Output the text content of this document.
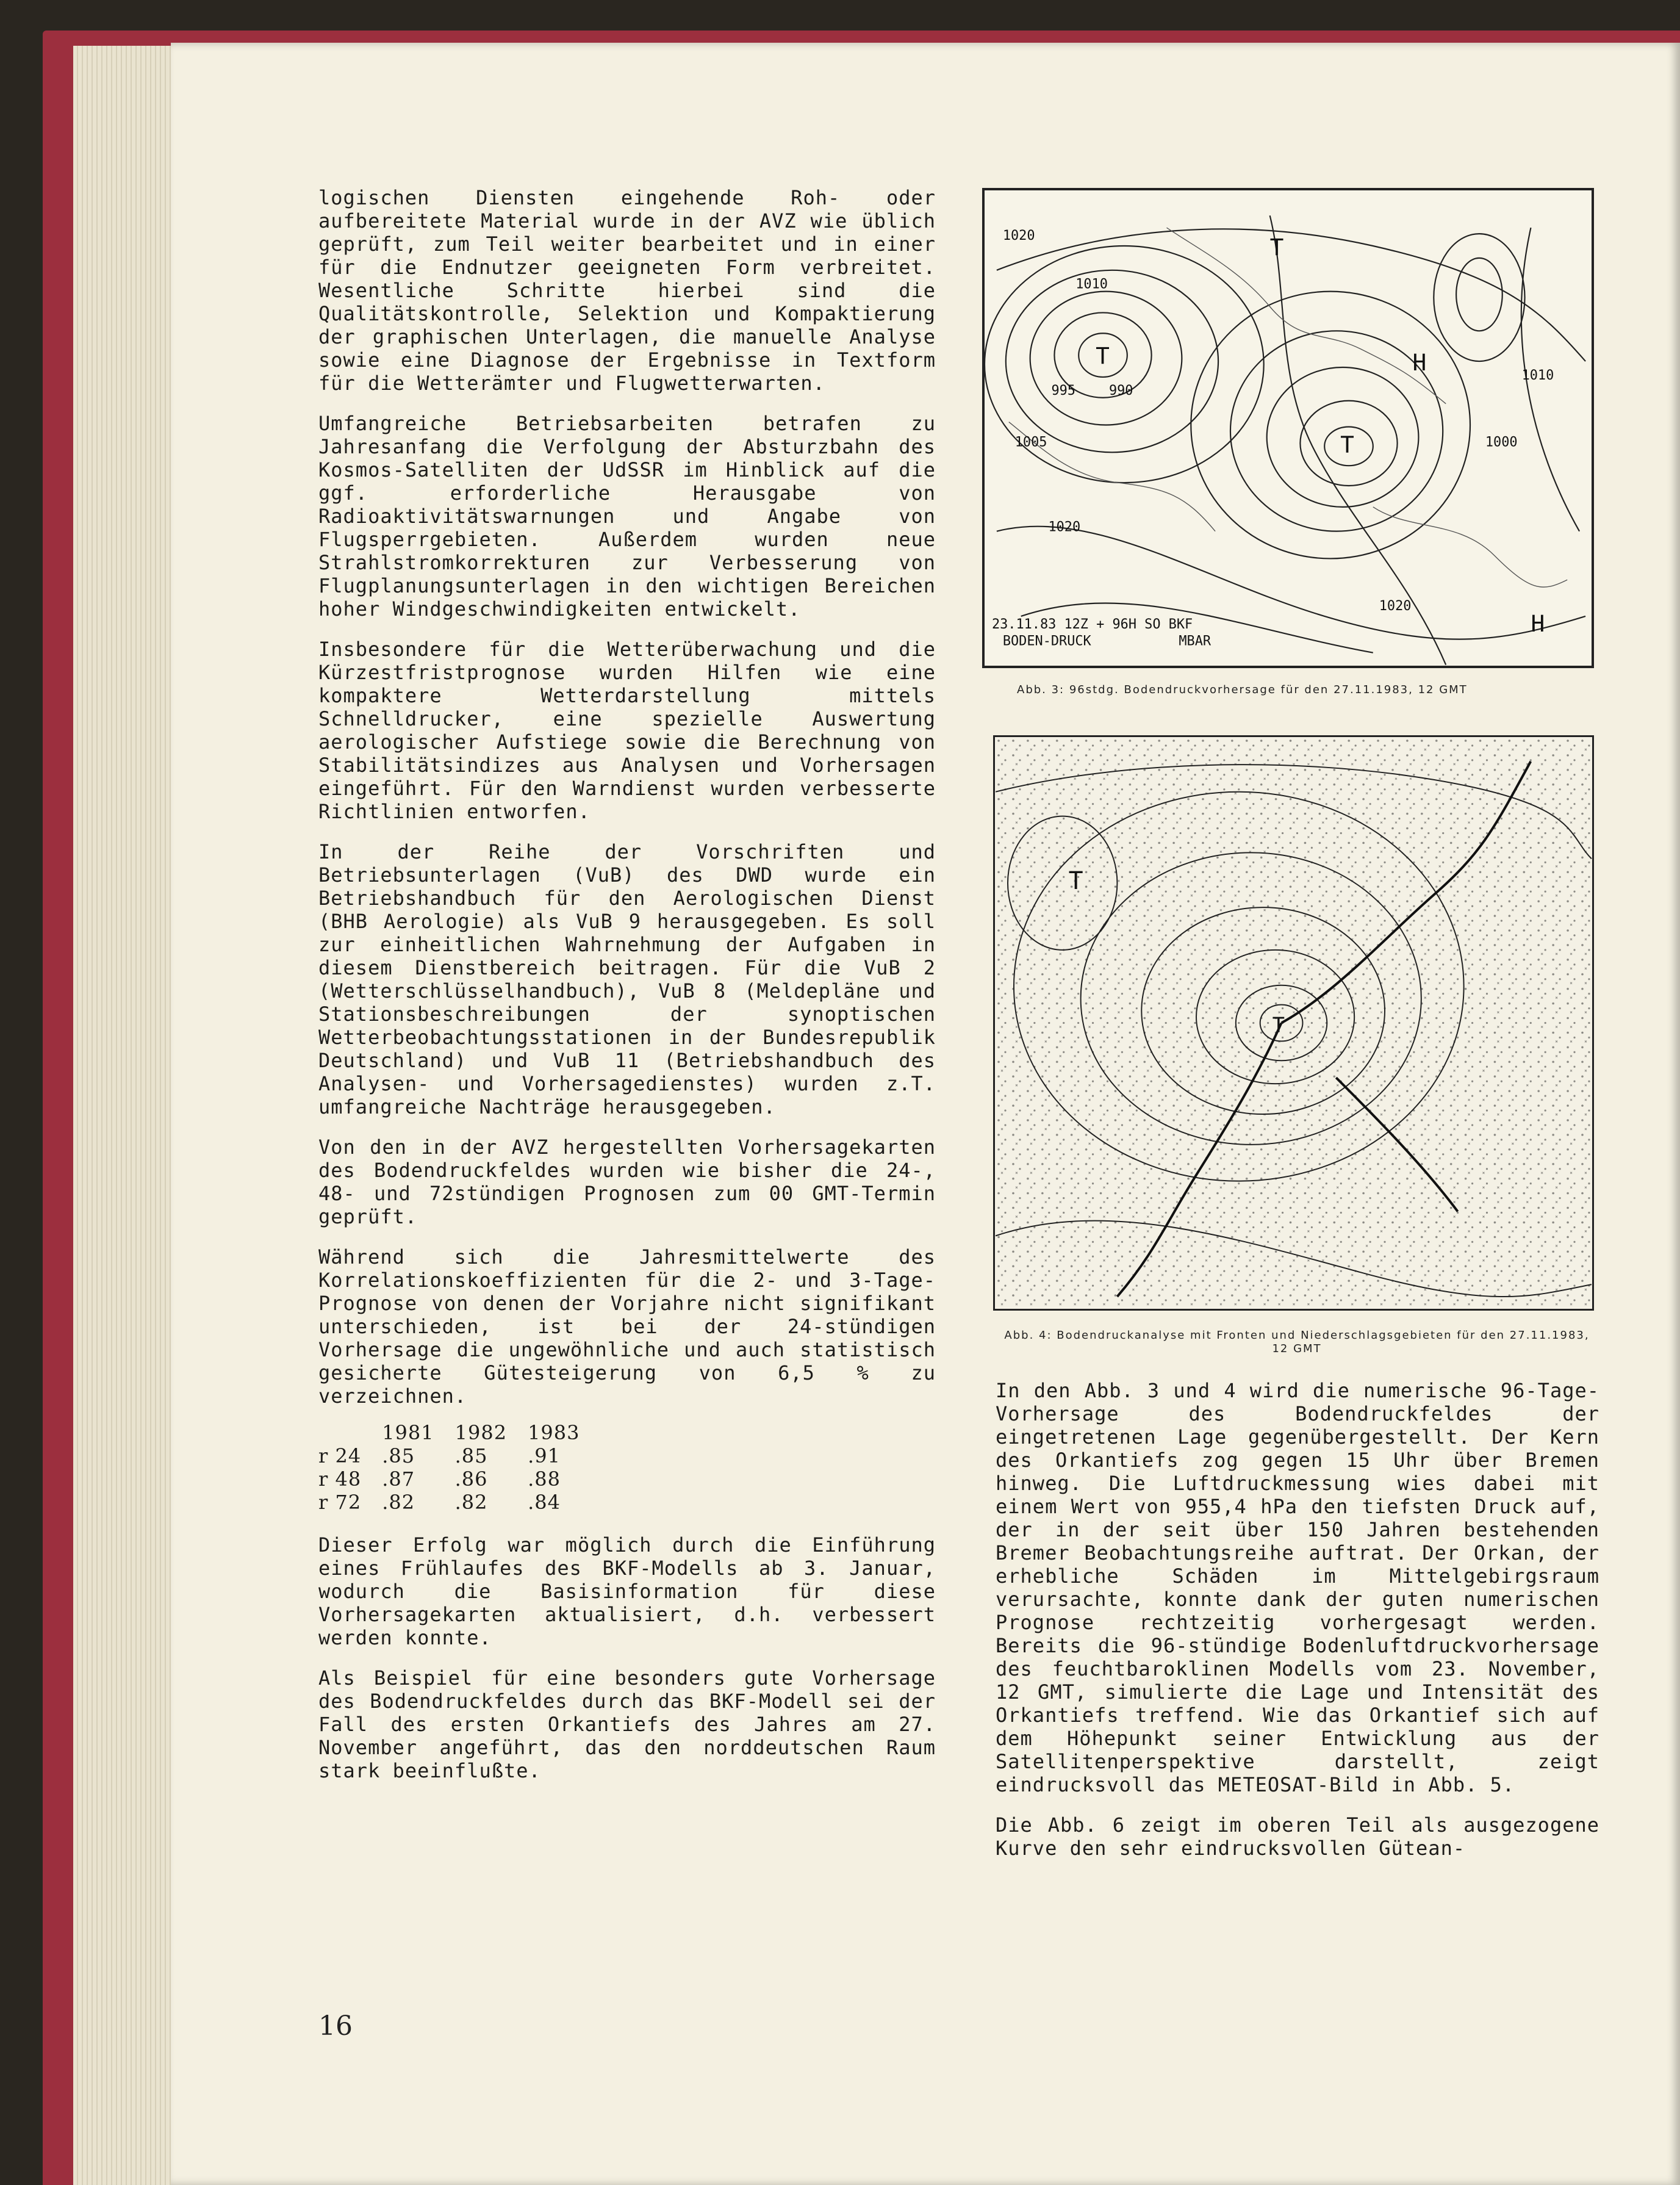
logischen Diensten eingehende Roh- oder aufbereitete Material wurde in der AVZ wie üblich geprüft, zum Teil weiter bearbeitet und in einer für die Endnutzer geeigneten Form verbreitet. Wesentliche Schritte hierbei sind die Qualitätskontrolle, Selektion und Kompaktierung der graphischen Unterlagen, die manuelle Analyse sowie eine Diagnose der Ergebnisse in Textform für die Wetterämter und Flugwetterwarten.

Umfangreiche Betriebsarbeiten betrafen zu Jahresanfang die Verfolgung der Absturzbahn des Kosmos-Satelliten der UdSSR im Hinblick auf die ggf. erforderliche Herausgabe von Radioaktivitätswarnungen und Angabe von Flugsperrgebieten. Außerdem wurden neue Strahlstromkorrekturen zur Verbesserung von Flugplanungsunterlagen in den wichtigen Bereichen hoher Windgeschwindigkeiten entwickelt.

Insbesondere für die Wetterüberwachung und die Kürzestfristprognose wurden Hilfen wie eine kompaktere Wetterdarstellung mittels Schnelldrucker, eine spezielle Auswertung aerologischer Aufstiege sowie die Berechnung von Stabilitätsindizes aus Analysen und Vorhersagen eingeführt. Für den Warndienst wurden verbesserte Richtlinien entworfen.

In der Reihe der Vorschriften und Betriebsunterlagen (VuB) des DWD wurde ein Betriebshandbuch für den Aerologischen Dienst (BHB Aerologie) als VuB 9 herausgegeben. Es soll zur einheitlichen Wahrnehmung der Aufgaben in diesem Dienstbereich beitragen. Für die VuB 2 (Wetterschlüsselhandbuch), VuB 8 (Meldepläne und Stationsbeschreibungen der synoptischen Wetterbeobachtungsstationen in der Bundesrepublik Deutschland) und VuB 11 (Betriebshandbuch des Analysen- und Vorhersagedienstes) wurden z.T. umfangreiche Nachträge herausgegeben.

Von den in der AVZ hergestellten Vorhersagekarten des Bodendruckfeldes wurden wie bisher die 24-, 48- und 72stündigen Prognosen zum 00 GMT-Termin geprüft.

Während sich die Jahresmittelwerte des Korrelationskoeffizienten für die 2- und 3-Tage-Prognose von denen der Vorjahre nicht signifikant unterschieden, ist bei der 24-stündigen Vorhersage die ungewöhnliche und auch statistisch gesicherte Gütesteigerung von 6,5 % zu verzeichnen.

	1981	1982	1983
r 24	.85	.85	.91
r 48	.87	.86	.88
r 72	.82	.82	.84

Dieser Erfolg war möglich durch die Einführung eines Frühlaufes des BKF-Modells ab 3. Januar, wodurch die Basisinformation für diese Vorhersagekarten aktualisiert, d.h. verbessert werden konnte.

Als Beispiel für eine besonders gute Vorhersage des Bodendruckfeldes durch das BKF-Modell sei der Fall des ersten Orkantiefs des Jahres am 27. November angeführt, das den norddeutschen Raum stark beeinflußte.

1020
1010
995	990
1005
1020
1020
1000
1010
T
T
T
H
H
23.11.83 12Z + 96H SO BKF
BODEN-DRUCK	MBAR
Abb. 3: 96stdg. Bodendruckvorhersage für den 27.11.1983, 12 GMT
T
T
Abb. 4: Bodendruckanalyse mit Fronten und Niederschlagsgebieten für den 27.11.1983, 12 GMT

In den Abb. 3 und 4 wird die numerische 96-Tage-Vorhersage des Bodendruckfeldes der eingetretenen Lage gegenübergestellt. Der Kern des Orkantiefs zog gegen 15 Uhr über Bremen hinweg. Die Luftdruckmessung wies dabei mit einem Wert von 955,4 hPa den tiefsten Druck auf, der in der seit über 150 Jahren bestehenden Bremer Beobachtungsreihe auftrat. Der Orkan, der erhebliche Schäden im Mittelgebirgsraum verursachte, konnte dank der guten numerischen Prognose rechtzeitig vorhergesagt werden. Bereits die 96-stündige Bodenluftdruckvorhersage des feuchtbaroklinen Modells vom 23. November, 12 GMT, simulierte die Lage und Intensität des Orkantiefs treffend. Wie das Orkantief sich auf dem Höhepunkt seiner Entwicklung aus der Satellitenperspektive darstellt, zeigt eindrucksvoll das METEOSAT-Bild in Abb. 5.

Die Abb. 6 zeigt im oberen Teil als ausgezogene Kurve den sehr eindrucksvollen Gütean-

16
